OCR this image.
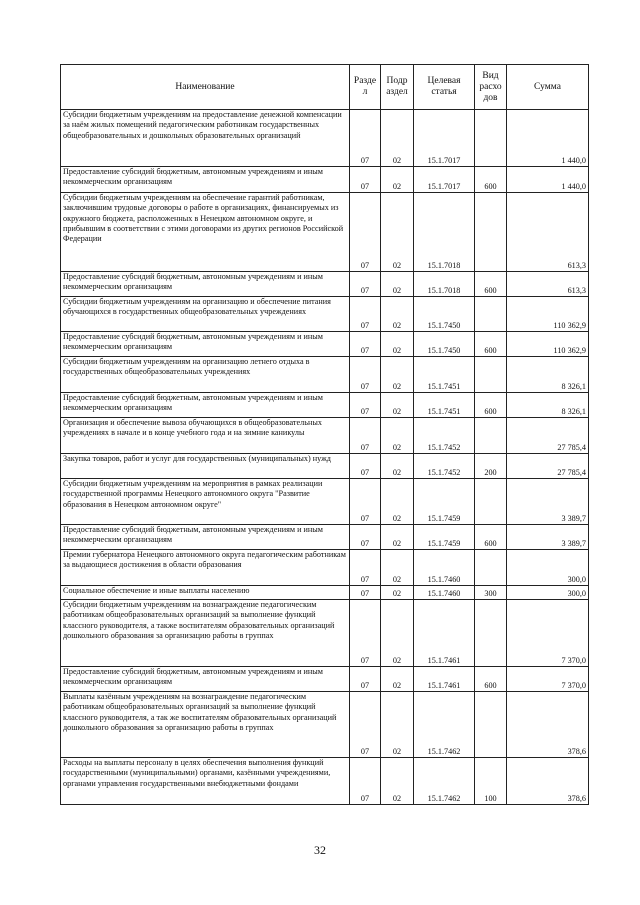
Наименование	Разде л	Подр аздел	Целевая статья	Вид расхо дов	Сумма
Субсидии бюджетным учреждениям на предоставление денежной компенсации за наём жилых помещений педагогическим работникам государственных общеобразовательных и дошкольных образовательных организаций	07	02	15.1.7017		1 440,0
Предоставление субсидий бюджетным, автономным учреждениям и иным некоммерческим организациям	07	02	15.1.7017	600	1 440,0
Субсидии бюджетным учреждениям на обеспечение гарантий работникам, заключившим трудовые договоры о работе в организациях, финансируемых из окружного бюджета, расположенных в Ненецком автономном округе, и прибывшим в соответствии с этими договорами из других регионов Российской Федерации	07	02	15.1.7018		613,3
Предоставление субсидий бюджетным, автономным учреждениям и иным некоммерческим организациям	07	02	15.1.7018	600	613,3
Субсидии бюджетным учреждениям на организацию и обеспечение питания обучающихся в государственных общеобразовательных учреждениях	07	02	15.1.7450		110 362,9
Предоставление субсидий бюджетным, автономным учреждениям и иным некоммерческим организациям	07	02	15.1.7450	600	110 362,9
Субсидии бюджетным учреждениям на организацию летнего отдыха в государственных общеобразовательных учреждениях	07	02	15.1.7451		8 326,1
Предоставление субсидий бюджетным, автономным учреждениям и иным некоммерческим организациям	07	02	15.1.7451	600	8 326,1
Организация и обеспечение вывоза обучающихся в общеобразовательных учреждениях в начале и в конце учебного года и на зимние каникулы	07	02	15.1.7452		27 785,4
Закупка товаров, работ и услуг для государственных (муниципальных) нужд	07	02	15.1.7452	200	27 785,4
Субсидии бюджетным учреждениям на мероприятия в рамках реализации государственной программы Ненецкого автономного округа "Развитие образования в Ненецком автономном округе"	07	02	15.1.7459		3 389,7
Предоставление субсидий бюджетным, автономным учреждениям и иным некоммерческим организациям	07	02	15.1.7459	600	3 389,7
Премии губернатора Ненецкого автономного округа педагогическим работникам за выдающиеся достижения в области образования	07	02	15.1.7460		300,0
Социальное обеспечение и иные выплаты населению	07	02	15.1.7460	300	300,0
Субсидии бюджетным учреждениям на вознаграждение педагогическим работникам общеобразовательных организаций за выполнение функций классного руководителя, а также воспитателям образовательных организаций дошкольного образования за организацию работы в группах	07	02	15.1.7461		7 370,0
Предоставление субсидий бюджетным, автономным учреждениям и иным некоммерческим организациям	07	02	15.1.7461	600	7 370,0
Выплаты казённым учреждениям на вознаграждение педагогическим работникам общеобразовательных организаций за выполнение функций классного руководителя, а так же воспитателям образовательных организаций дошкольного образования за организацию работы в группах	07	02	15.1.7462		378,6
Расходы на выплаты персоналу в целях обеспечения выполнения функций государственными (муниципальными) органами, казёнными учреждениями, органами управления государственными внебюджетными фондами	07	02	15.1.7462	100	378,6
32
